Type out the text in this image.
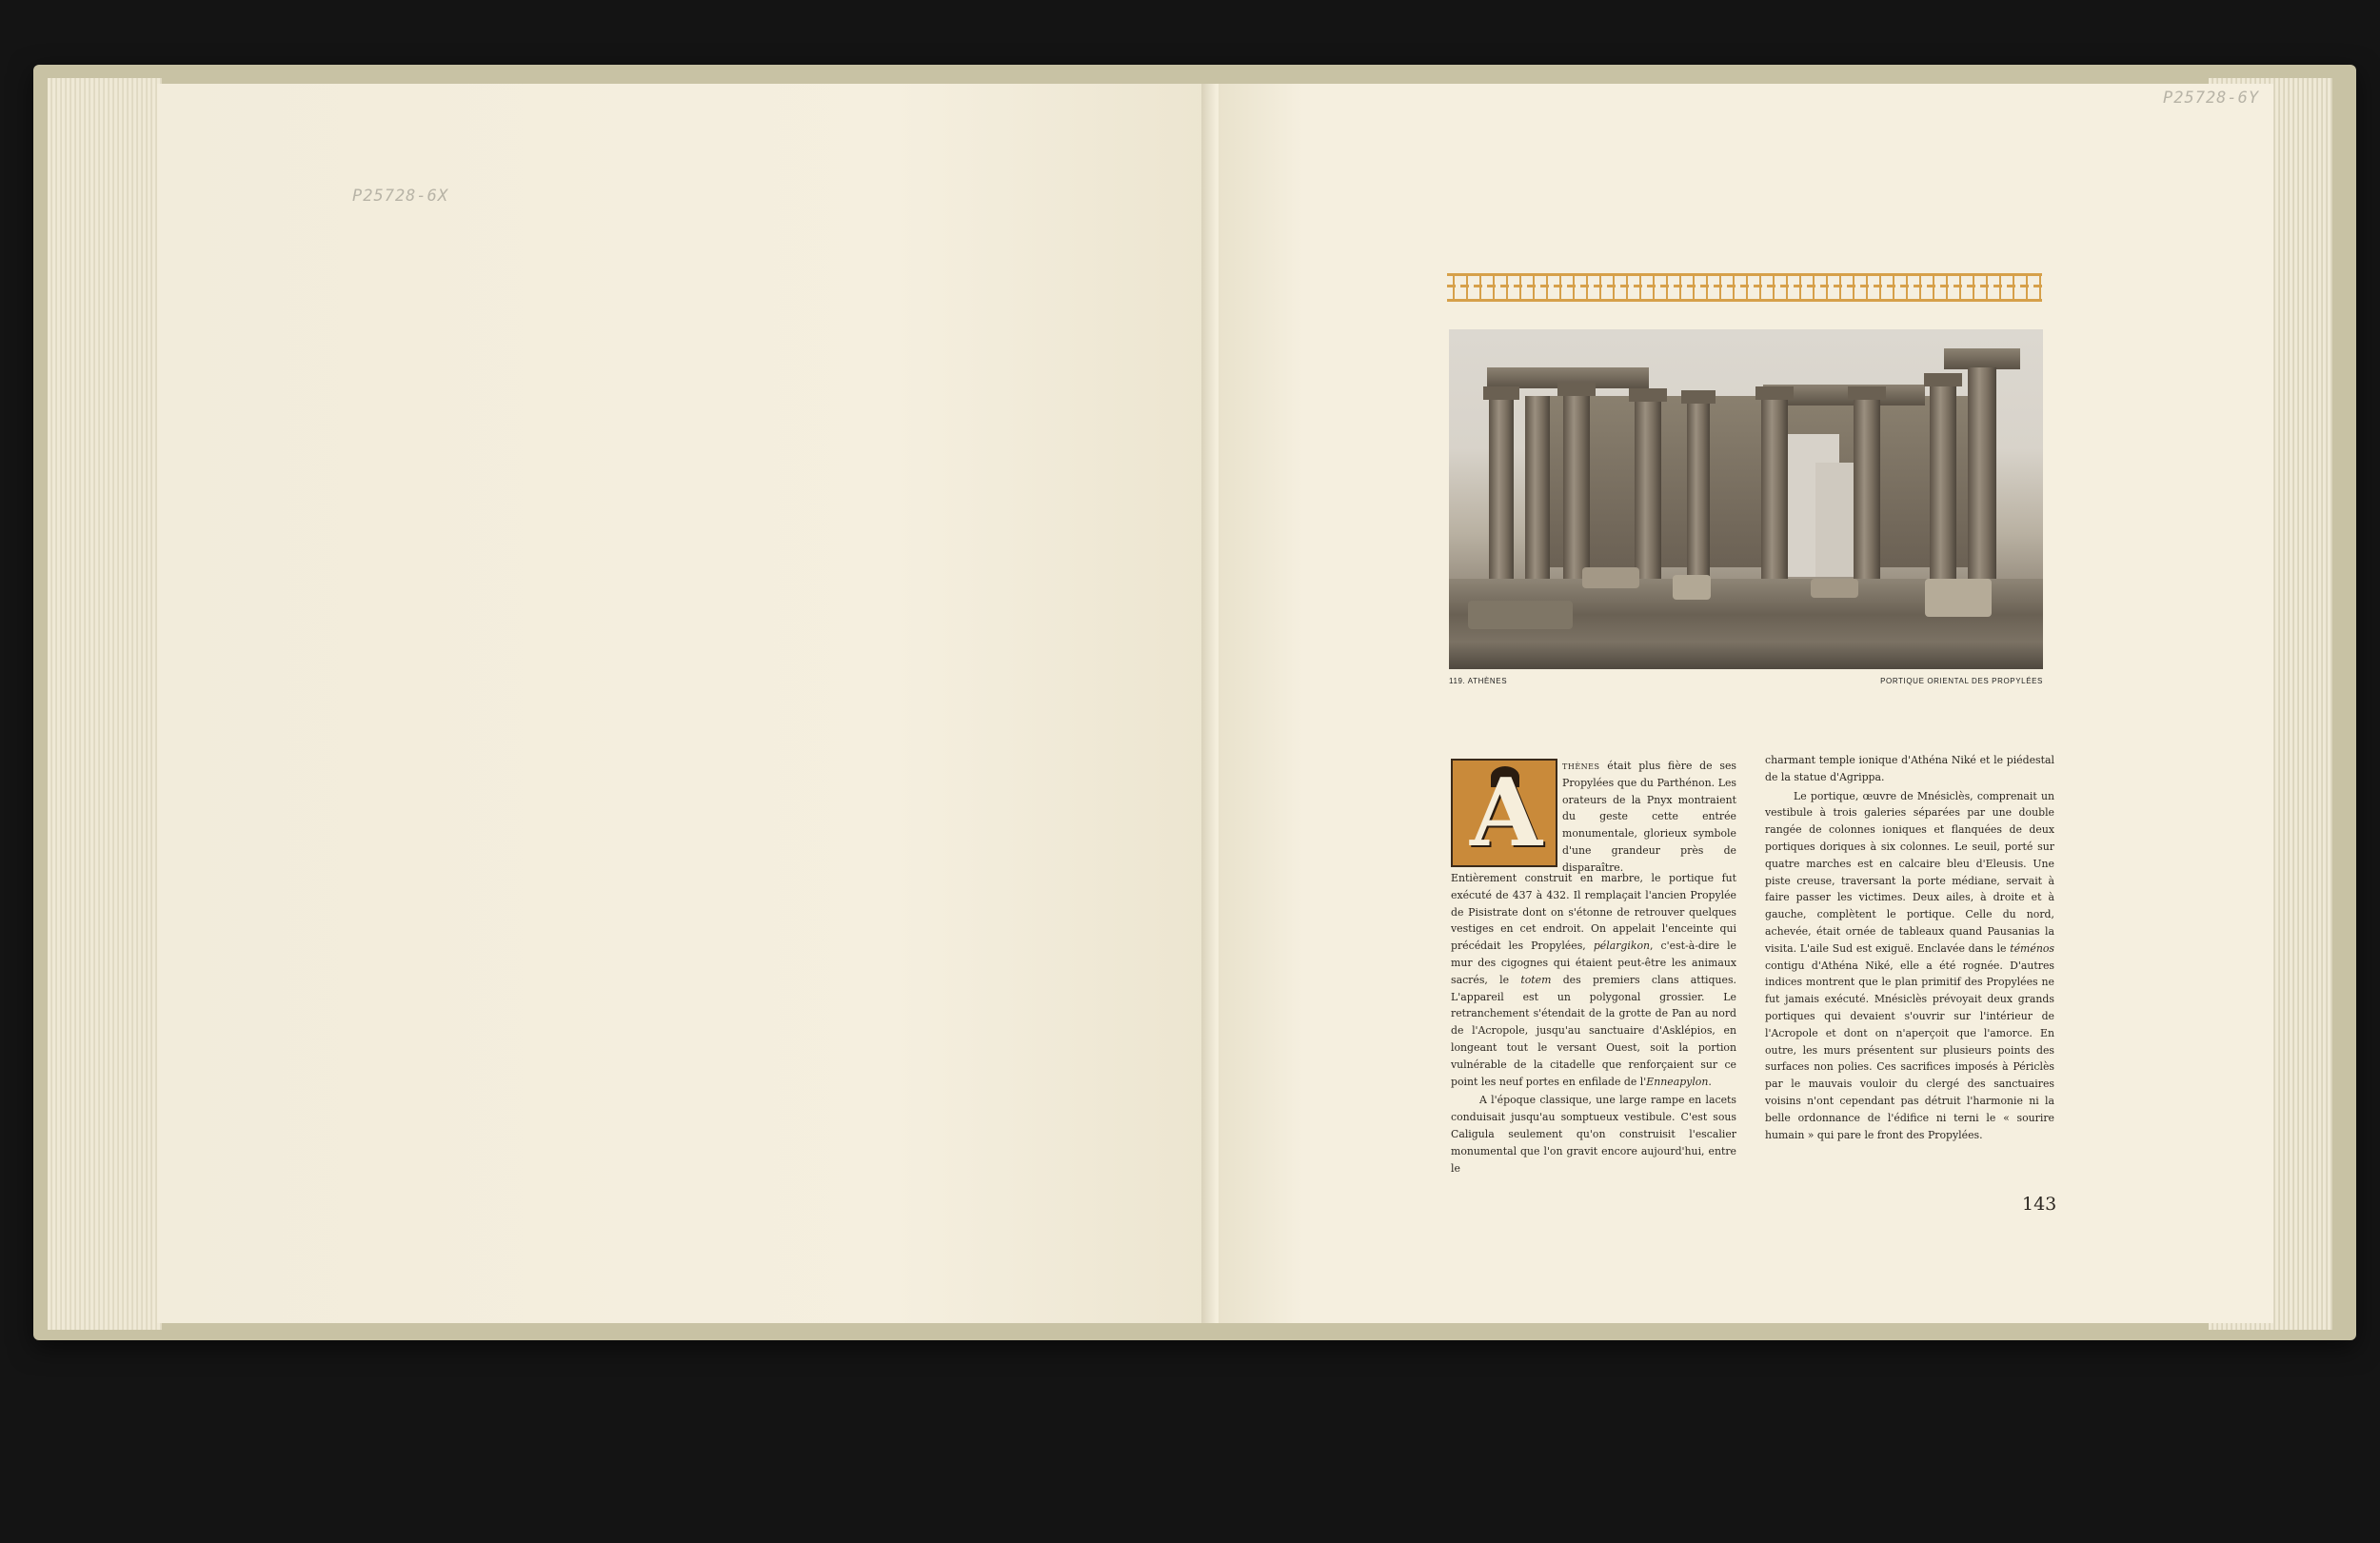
P25728-6X
P25728-6Y
119. ATHÈNES	PORTIQUE ORIENTAL DES PROPYLÉES
A	thènes était plus fière de ses Propylées que du Parthénon. Les orateurs de la Pnyx montraient du geste cette entrée monumentale, glorieux symbole d'une grandeur près de disparaître.

Entièrement construit en marbre, le portique fut exécuté de 437 à 432. Il remplaçait l'ancien Propylée de Pisistrate dont on s'étonne de retrouver quelques vestiges en cet endroit. On appelait l'enceinte qui précédait les Propylées, pélargikon, c'est-à-dire le mur des cigognes qui étaient peut-être les animaux sacrés, le totem des premiers clans attiques. L'appareil est un polygonal grossier. Le retranchement s'étendait de la grotte de Pan au nord de l'Acropole, jusqu'au sanctuaire d'Asklépios, en longeant tout le versant Ouest, soit la portion vulnérable de la citadelle que renforçaient sur ce point les neuf portes en enfilade de l'Enneapylon.

A l'époque classique, une large rampe en lacets conduisait jusqu'au somptueux vestibule. C'est sous Caligula seulement qu'on construisit l'escalier monumental que l'on gravit encore aujourd'hui, entre le

charmant temple ionique d'Athéna Niké et le piédestal de la statue d'Agrippa.

Le portique, œuvre de Mnésiclès, comprenait un vestibule à trois galeries séparées par une double rangée de colonnes ioniques et flanquées de deux portiques doriques à six colonnes. Le seuil, porté sur quatre marches est en calcaire bleu d'Eleusis. Une piste creuse, traversant la porte médiane, servait à faire passer les victimes. Deux ailes, à droite et à gauche, complètent le portique. Celle du nord, achevée, était ornée de tableaux quand Pausanias la visita. L'aile Sud est exiguë. Enclavée dans le téménos contigu d'Athéna Niké, elle a été rognée. D'autres indices montrent que le plan primitif des Propylées ne fut jamais exécuté. Mnésiclès prévoyait deux grands portiques qui devaient s'ouvrir sur l'intérieur de l'Acropole et dont on n'aperçoit que l'amorce. En outre, les murs présentent sur plusieurs points des surfaces non polies. Ces sacrifices imposés à Périclès par le mauvais vouloir du clergé des sanctuaires voisins n'ont cependant pas détruit l'harmonie ni la belle ordonnance de l'édifice ni terni le « sourire humain » qui pare le front des Propylées.

143
